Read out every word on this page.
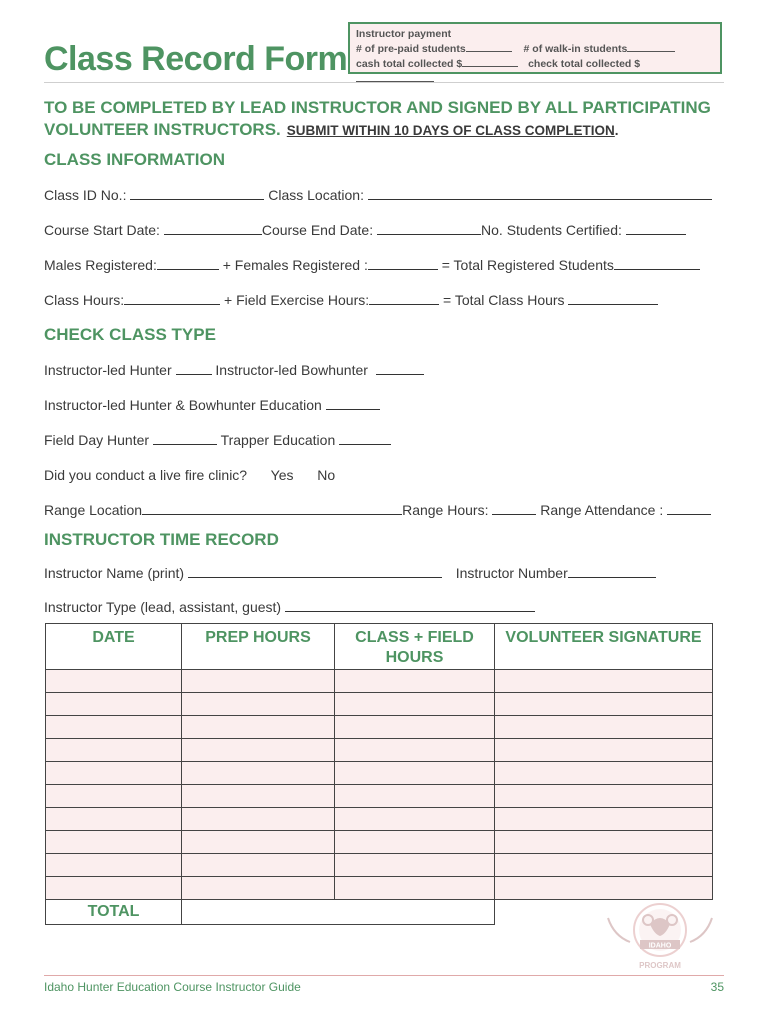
Class Record Form
Instructor payment
# of pre-paid students	# of walk-in students
cash total collected $	check total collected $
TO BE COMPLETED BY LEAD INSTRUCTOR AND SIGNED BY ALL PARTICIPATING
VOLUNTEER INSTRUCTORS. SUBMIT WITHIN 10 DAYS OF CLASS COMPLETION.
CLASS INFORMATION
Class ID No.:	Class Location:
Course Start Date:	Course End Date:	No. Students Certified:
Males Registered:	+ Females Registered :	= Total Registered Students
Class Hours:	+ Field Exercise Hours:	= Total Class Hours
CHECK CLASS TYPE
Instructor-led Hunter	Instructor-led Bowhunter
Instructor-led Hunter & Bowhunter Education
Field Day Hunter	Trapper Education
Did you conduct a live fire clinic? Yes No
Range Location	Range Hours:	Range Attendance :
INSTRUCTOR TIME RECORD
Instructor Name (print)	Instructor Number
Instructor Type (lead, assistant, guest)
DATE	PREP HOURS	CLASS + FIELD HOURS	VOLUNTEER SIGNATURE

TOTAL			
IDAHO
PROGRAM
Idaho Hunter Education Course Instructor Guide	35
